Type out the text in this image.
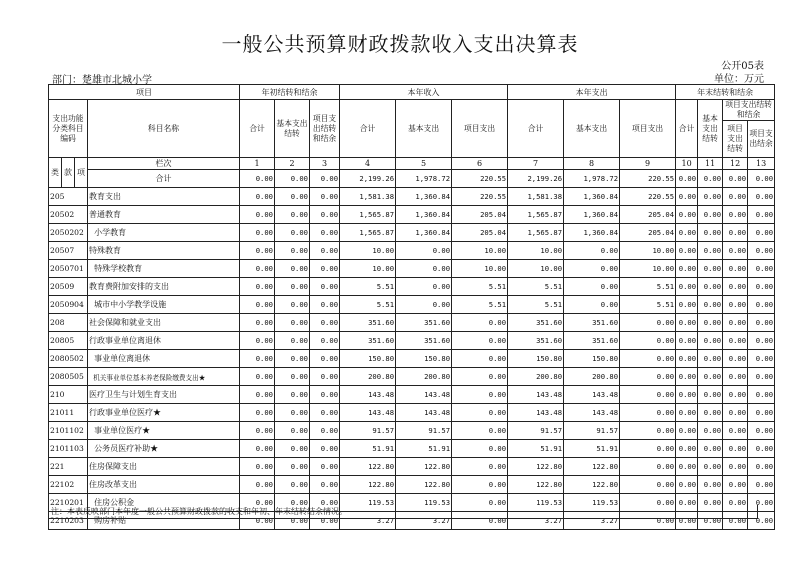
一般公共预算财政拨款收入支出决算表
公开05表
单位：万元
部门：楚雄市北城小学
项目				年初结转和结余			本年收入			本年支出			年末结转和结余			
支出功能分类科目编码			科目名称	合计	基本支出结转	项目支出结转和结余	合计	基本支出	项目支出	合计	基本支出	项目支出	合计	基本支出结转	项目支出结转和结余	
															项目支出结转	项目支出结余
类	款	项	栏次	1	2	3	4	5	6	7	8	9	10	11	12	13
			合计	0.00	0.00	0.00	2,199.26	1,978.72	220.55	2,199.26	1,978.72	220.55	0.00	0.00	0.00	0.00
205			教育支出	0.00	0.00	0.00	1,581.38	1,360.84	220.55	1,581.38	1,360.84	220.55	0.00	0.00	0.00	0.00
20502			普通教育	0.00	0.00	0.00	1,565.87	1,360.84	205.04	1,565.87	1,360.84	205.04	0.00	0.00	0.00	0.00
2050202			小学教育	0.00	0.00	0.00	1,565.87	1,360.84	205.04	1,565.87	1,360.84	205.04	0.00	0.00	0.00	0.00
20507			特殊教育	0.00	0.00	0.00	10.00	0.00	10.00	10.00	0.00	10.00	0.00	0.00	0.00	0.00
2050701			特殊学校教育	0.00	0.00	0.00	10.00	0.00	10.00	10.00	0.00	10.00	0.00	0.00	0.00	0.00
20509			教育费附加安排的支出	0.00	0.00	0.00	5.51	0.00	5.51	5.51	0.00	5.51	0.00	0.00	0.00	0.00
2050904			城市中小学教学设施	0.00	0.00	0.00	5.51	0.00	5.51	5.51	0.00	5.51	0.00	0.00	0.00	0.00
208			社会保障和就业支出	0.00	0.00	0.00	351.60	351.60	0.00	351.60	351.60	0.00	0.00	0.00	0.00	0.00
20805			行政事业单位离退休	0.00	0.00	0.00	351.60	351.60	0.00	351.60	351.60	0.00	0.00	0.00	0.00	0.00
2080502			事业单位离退休	0.00	0.00	0.00	150.80	150.80	0.00	150.80	150.80	0.00	0.00	0.00	0.00	0.00
2080505			机关事业单位基本养老保险缴费支出★	0.00	0.00	0.00	200.80	200.80	0.00	200.80	200.80	0.00	0.00	0.00	0.00	0.00
210			医疗卫生与计划生育支出	0.00	0.00	0.00	143.48	143.48	0.00	143.48	143.48	0.00	0.00	0.00	0.00	0.00
21011			行政事业单位医疗★	0.00	0.00	0.00	143.48	143.48	0.00	143.48	143.48	0.00	0.00	0.00	0.00	0.00
2101102			事业单位医疗★	0.00	0.00	0.00	91.57	91.57	0.00	91.57	91.57	0.00	0.00	0.00	0.00	0.00
2101103			公务员医疗补助★	0.00	0.00	0.00	51.91	51.91	0.00	51.91	51.91	0.00	0.00	0.00	0.00	0.00
221			住房保障支出	0.00	0.00	0.00	122.80	122.80	0.00	122.80	122.80	0.00	0.00	0.00	0.00	0.00
22102			住房改革支出	0.00	0.00	0.00	122.80	122.80	0.00	122.80	122.80	0.00	0.00	0.00	0.00	0.00
2210201			住房公积金	0.00	0.00	0.00	119.53	119.53	0.00	119.53	119.53	0.00	0.00	0.00	0.00	0.00
2210203			购房补贴	0.00	0.00	0.00	3.27	3.27	0.00	3.27	3.27	0.00	0.00	0.00	0.00	0.00
注：本表反映部门本年度一般公共预算财政拨款的收支和年初、年末结转结余情况。
